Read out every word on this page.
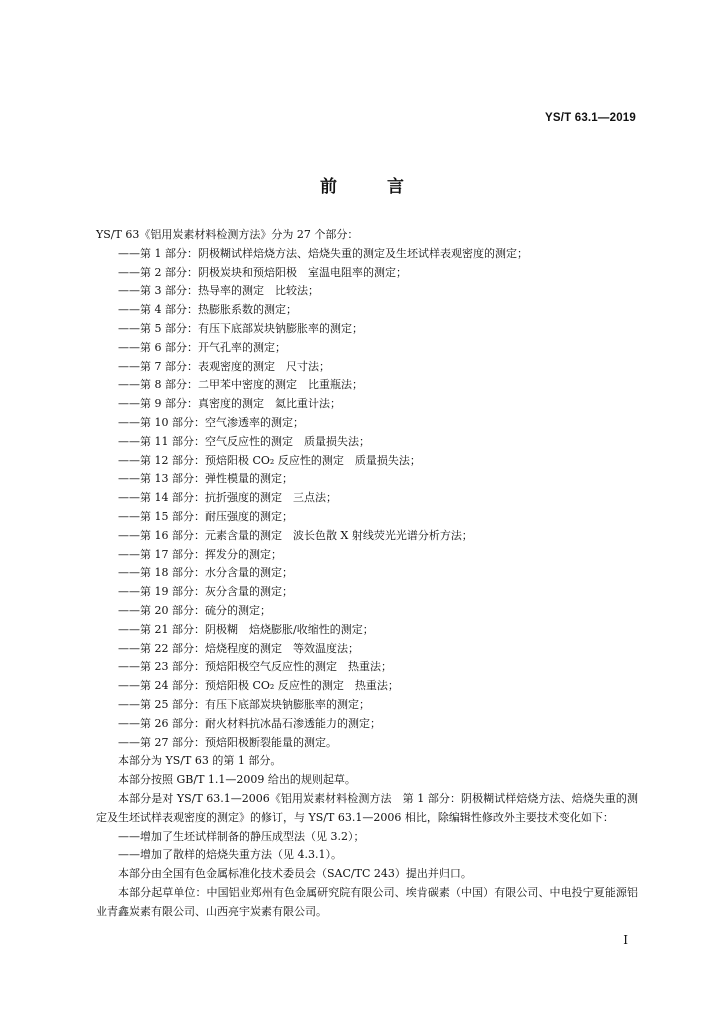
YS/T 63.1—2019
前 言

YS/T 63《铝用炭素材料检测方法》分为 27 个部分：

——第 1 部分：阴极糊试样焙烧方法、焙烧失重的测定及生坯试样表观密度的测定；

——第 2 部分：阴极炭块和预焙阳极　室温电阻率的测定；

——第 3 部分：热导率的测定　比较法；

——第 4 部分：热膨胀系数的测定；

——第 5 部分：有压下底部炭块钠膨胀率的测定；

——第 6 部分：开气孔率的测定；

——第 7 部分：表观密度的测定　尺寸法；

——第 8 部分：二甲苯中密度的测定　比重瓶法；

——第 9 部分：真密度的测定　氦比重计法；

——第 10 部分：空气渗透率的测定；

——第 11 部分：空气反应性的测定　质量损失法；

——第 12 部分：预焙阳极 CO₂ 反应性的测定　质量损失法；

——第 13 部分：弹性模量的测定；

——第 14 部分：抗折强度的测定　三点法；

——第 15 部分：耐压强度的测定；

——第 16 部分：元素含量的测定　波长色散 X 射线荧光光谱分析方法；

——第 17 部分：挥发分的测定；

——第 18 部分：水分含量的测定；

——第 19 部分：灰分含量的测定；

——第 20 部分：硫分的测定；

——第 21 部分：阴极糊　焙烧膨胀/收缩性的测定；

——第 22 部分：焙烧程度的测定　等效温度法；

——第 23 部分：预焙阳极空气反应性的测定　热重法；

——第 24 部分：预焙阳极 CO₂ 反应性的测定　热重法；

——第 25 部分：有压下底部炭块钠膨胀率的测定；

——第 26 部分：耐火材料抗冰晶石渗透能力的测定；

——第 27 部分：预焙阳极断裂能量的测定。

本部分为 YS/T 63 的第 1 部分。

本部分按照 GB/T 1.1—2009 给出的规则起草。

本部分是对 YS/T 63.1—2006《铝用炭素材料检测方法　第 1 部分：阴极糊试样焙烧方法、焙烧失重的测定及生坯试样表观密度的测定》的修订，与 YS/T 63.1—2006 相比，除编辑性修改外主要技术变化如下：

——增加了生坯试样制备的静压成型法（见 3.2）；

——增加了散样的焙烧失重方法（见 4.3.1）。

本部分由全国有色金属标准化技术委员会（SAC/TC 243）提出并归口。

本部分起草单位：中国铝业郑州有色金属研究院有限公司、埃肯碳素（中国）有限公司、中电投宁夏能源铝业青鑫炭素有限公司、山西亮宇炭素有限公司。

I
